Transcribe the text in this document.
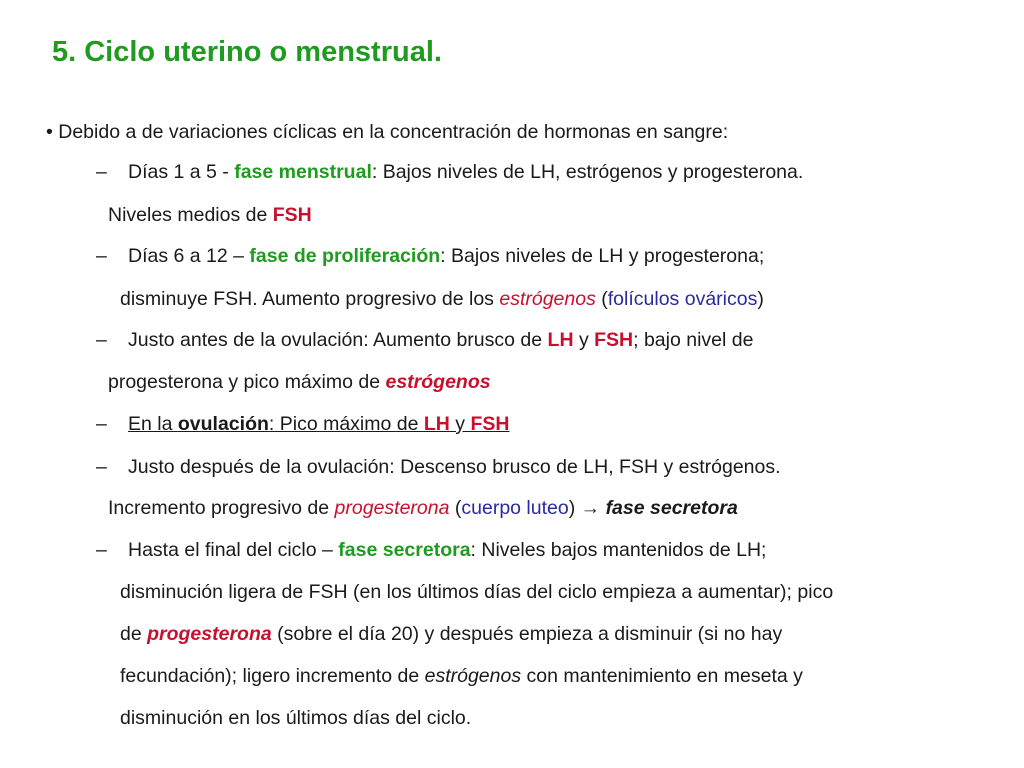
5. Ciclo uterino o menstrual.
• Debido a de variaciones cíclicas en la concentración de hormonas en sangre:
– Días 1 a 5 - fase menstrual: Bajos niveles de LH, estrógenos y progesterona.
Niveles medios de FSH
– Días 6 a 12 – fase de proliferación: Bajos niveles de LH y progesterona;
disminuye FSH. Aumento progresivo de los estrógenos (folículos ováricos)
– Justo antes de la ovulación: Aumento brusco de LH y FSH; bajo nivel de
progesterona y pico máximo de estrógenos
– En la ovulación: Pico máximo de LH y FSH
– Justo después de la ovulación: Descenso brusco de LH, FSH y estrógenos.
Incremento progresivo de progesterona (cuerpo luteo) → fase secretora
– Hasta el final del ciclo – fase secretora: Niveles bajos mantenidos de LH;
disminución ligera de FSH (en los últimos días del ciclo empieza a aumentar); pico
de progesterona (sobre el día 20) y después empieza a disminuir (si no hay
fecundación); ligero incremento de estrógenos con mantenimiento en meseta y
disminución en los últimos días del ciclo.
